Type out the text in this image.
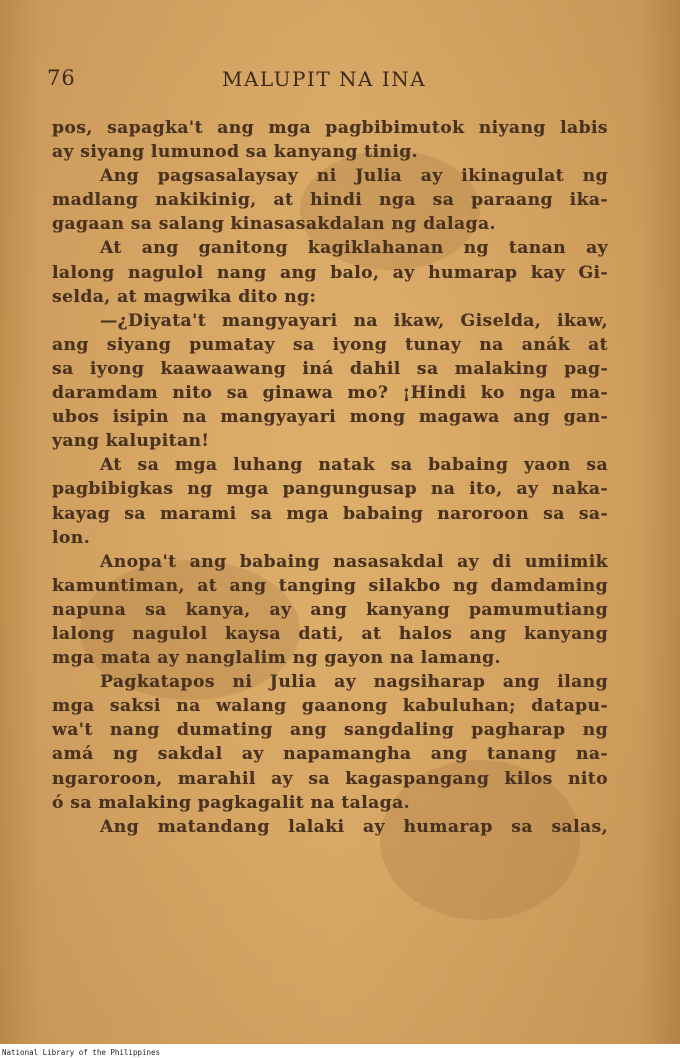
76	MALUPIT NA INA
pos, sapagka't ang mga pagbibimutok niyang labis
ay siyang lumunod sa kanyang tinig.
Ang pagsasalaysay ni Julia ay ikinagulat ng
madlang nakikinig, at hindi nga sa paraang ika-
gagaan sa salang kinasasakdalan ng dalaga.
At ang ganitong kagiklahanan ng tanan ay
lalong nagulol nang ang balo, ay humarap kay Gi-
selda, at magwika dito ng:
—¿Diyata't mangyayari na ikaw, Giselda, ikaw,
ang siyang pumatay sa iyong tunay na anák at
sa iyong kaawaawang iná dahil sa malaking pag-
daramdam nito sa ginawa mo? ¡Hindi ko nga ma-
ubos isipin na mangyayari mong magawa ang gan-
yang kalupitan!
At sa mga luhang natak sa babaing yaon sa
pagbibigkas ng mga pangungusap na ito, ay naka-
kayag sa marami sa mga babaing naroroon sa sa-
lon.
Anopa't ang babaing nasasakdal ay di umiimik
kamuntiman, at ang tanging silakbo ng damdaming
napuna sa kanya, ay ang kanyang pamumutiang
lalong nagulol kaysa dati, at halos ang kanyang
mga mata ay nanglalim ng gayon na lamang.
Pagkatapos ni Julia ay nagsiharap ang ilang
mga saksi na walang gaanong kabuluhan; datapu-
wa't nang dumating ang sangdaling pagharap ng
amá ng sakdal ay napamangha ang tanang na-
ngaroroon, marahil ay sa kagaspangang kilos nito
ó sa malaking pagkagalit na talaga.
Ang matandang lalaki ay humarap sa salas,
National Library of the Philippines
